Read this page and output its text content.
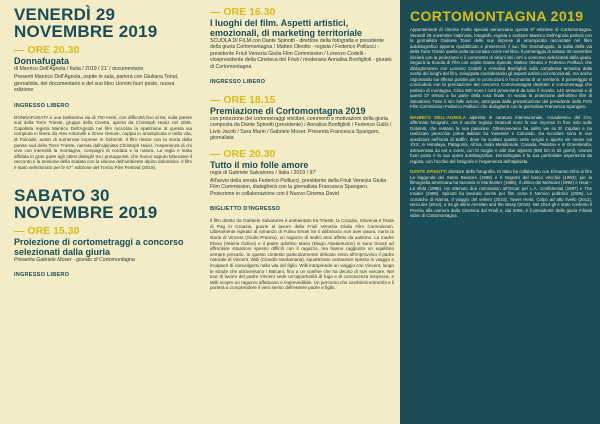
VENERDÌ 29
NOVEMBRE 2019
— ORE 20.30
Donnafugata
di Manrico Dell'Agnola / Italia / 2019 / 21' / documentario
Presenti Manrico Dell'Agnola, ospite in sala, parlerà con Giuliana Tonut, giornalista, del documentario e del suo libro Uomini fuori posto, nuova edizione
INGRESSO LIBERO
DONNAFUGATA è una bellissima via di 750 metri, con difficoltà fino al 9a, sulla parete sud della Torre Trieste, gruppo della Civetta, aperta da Christoph Hainz nel 2006. Capolista regista Manrico Dell'Agnola nel film racconta la ripetizione di questa via compiuta in libera da Alex Antonelli e Omar Genuin, coppia in arrampicata e nella vita, di Falcade, autori di numerose imprese in Dolomiti. Il film riesce con la storia della parete sud della Torre Trieste, narrata dall'alpinista Christoph Hainz, l'esperienza di chi vive con intensità la montagna, compagni di cordata e la natura. La regia e stata affidata in gran parte agli ottimi dialoghi tra i protagonisti, che hanno saputo bilanciare il racconto e la tensione della scalata con la visione dell'ambiente alpino dolomitico. Il film è stato selezionato per le 67° edizione del Trento Film Festival (2019).
SABATO 30
NOVEMBRE 2019
— ORE 15.30
Proiezione di cortometraggi a concorso selezionati dalla giuria
Presenta Gabriele Moser - giurato di Cortomontagna
INGRESSO LIBERO
— ORE 16.30
I luoghi del film. Aspetti artistici, emozionali, di marketing territoriale
SCUOLA DI FILM con Dante Spinotti - direttore della fotografia e presidente della giuria Cortomontagna / Matteo Oleotto - regista / Federico Poillucci - presidente Friuli Venezia Giulia Film Commission / Lorenzo Codelli - vicepresidente della Cineteca del Friuli / moderano Annalisa Bonfiglioli - giurato di Cortomontagna
INGRESSO LIBERO
— ORE 18.15
Premiazione di Cortomontagna 2019
con proiezione dei cortometraggi vincitori, commenti e motivazioni della giuria composta da Dante Spinotti (presidente) / Annalisa Bonfiglioli / Federico Gallo / Livio Jacob / Sara Marin / Gabriele Moser. Presenta Francesca Spangaro, giornalista
— ORE 20.30
Tutto il mio folle amore
regia di Gabriele Salvatores / Italia / 2019 / 97'
All'avvio della serata Federico Poillucci, presidente della Friuli Venezia Giulia Film Commission, dialogherà con la giornalista Francesca Spangaro. Proiezione in collaborazione con il Nuovo Cinema David
BIGLIETTO D'INGRESSO
Il film diretto da Gabriele Salvatores è ambientato tra Trieste, la Croazia, Slovenia e l'isola di Pag in Croazia, grazie al lavoro della Friuli Venezia Giulia Film Commission. Liberamente ispirato al romanzo di Fulvio Ervas Se ti abbraccio non aver paura, narra la storia di Vincent (Giulio Pranno), un ragazzo di sedici anni affetto da autismo. La madre Elena (Valeria Golino) e il padre adottivo Mario (Diego Abatantuono) si sono trovati ad affrontare situazioni spesso difficili con il ragazzo, ma hanno raggiunto un equilibrio sempre precario. In questo contesto particolarmente delicato entra all'improvviso il padre naturale di Vincent, Willi (Claudio Santamaria), squattrinato cantautore spesso in viaggio e incapace di coinvolgersi nella vita del figlio. Willi intraprende un viaggio con Vincent, lungo le strade che attraversano i Balcani, fino a un confine che ha deciso di non varcare. Nel tour di lavoro del padre Vincent vede un'opportunità di fuga e di conoscenza reciproca, e Willi scopre un ragazzo affettuoso e imprevedibile. Un percorso che cambierà entrambi e li porterà a comprendere il vero senso dell'essere padre e figlio.
CORTOMONTAGNA 2019
Appuntamenti di cinema molto speciali annunciano questa 5ª edizione di Cortomontagna. Venerdì 29 novembre l'alpinista, fotografo, regista e scrittore Manrico Dell'Agnola parlerà con la giornalista Giuliana Tonut delle sue imprese di arrampicata raccontate nel libro autobiografico appena ripubblicato e presenterà il suo film Donnafugata, la salita della via della Torre Trieste quella volta raccontata come nel libro. Il pomeriggio di sabato 30 novembre inizierà con la proiezione e il commento di alcuni dei corti a concorso selezionati dalla giuria. Seguirà la Scuola di Film con ospite Dante Spinotti, Matteo Oleotto e Federico Poillucci che dialogheranno con Lorenzo Codelli e Annalisa Bonfiglioli sulla complessa tematica della scelta dei luoghi del film, sviluppata considerando gli aspetti artistici ed emozionali, ma anche ragionando sui riflessi positivi per le promozioni e l'economia di un territorio. Il pomeriggio si concluderà con la premiazione del concorso Cortomontagna dedicato a cortometraggi che parlano di montagna. Circa 500 sono i corti provenienti da tutto il mondo, 142 ammessi e di questi 37 entrati a far parte della rosa finale. In serata la proiezione dell'ultimo film di Salvatores Tutto il mio folle amore, anticipata dalla presentazione del presidente della FVG Film Commission Federico Poillucci che dialogherà con la giornalista Francesca Spangaro.
MANRICO DELL'AGNOLA alpinista di caratura internazionale, Accademico del CAI, affermato fotografo, ora è anche regista. Notevoli sono le sue imprese in free solo sulle Dolomiti, che restano la sua passione. Oltrenoveceno ha salito vie su El Capitan e ha realizzato parecchie prime italiane fra Yosemite e Colorado. Da ricordare sono le sue spedizioni nell'isola di Baffin, dove ha scalato quattro vette vergini e aperto vie nuove sui XXX; in Himalaya, Patagonia, Africa, India Meridionale, Canada, Pakistan e in Groenlandia, attraversata da est a ovest, con la moglie e altri due alpinisti (650 km in 32 giorni). Uomini fuori posto è la sua opera autobiografica. Donnafugata è la sua particolare esperienza da regista, con l'occhio del fotografo e l'esperienza dell'alpinista.
DANTE SPINOTTI direttore della fotografia. In Italia ha collaborato con Ermanno Olmi ai film La leggenda del Santo Bevitore (1988) e Il Segreto del bosco vecchio (1993); per la filmografia americana ha lavorato in Manhunter (1986), Il ultimo dei Mohicani (1992) e Heat – La sfida (1995). Ha ottenuto due nomination all'Oscar per L.A. Confidential (1997) e The Insider (1999). Spinotti ha lavorato anche per film come Il Nemico pubblico (2009), Le cronache di Narnia, Il viaggio del veliero (2010), Tower Heist, Colpo ad alto livello (2011), Hercules (2014), e tra gli ultimi Ant-Man and the Wasp (2018). Nel 2014 gli è stato conferito il Premio alla carriera dalla Cineteca del Friuli e, dal 2006, è il presidente della giuria Filmati video di Cortomontagna.
